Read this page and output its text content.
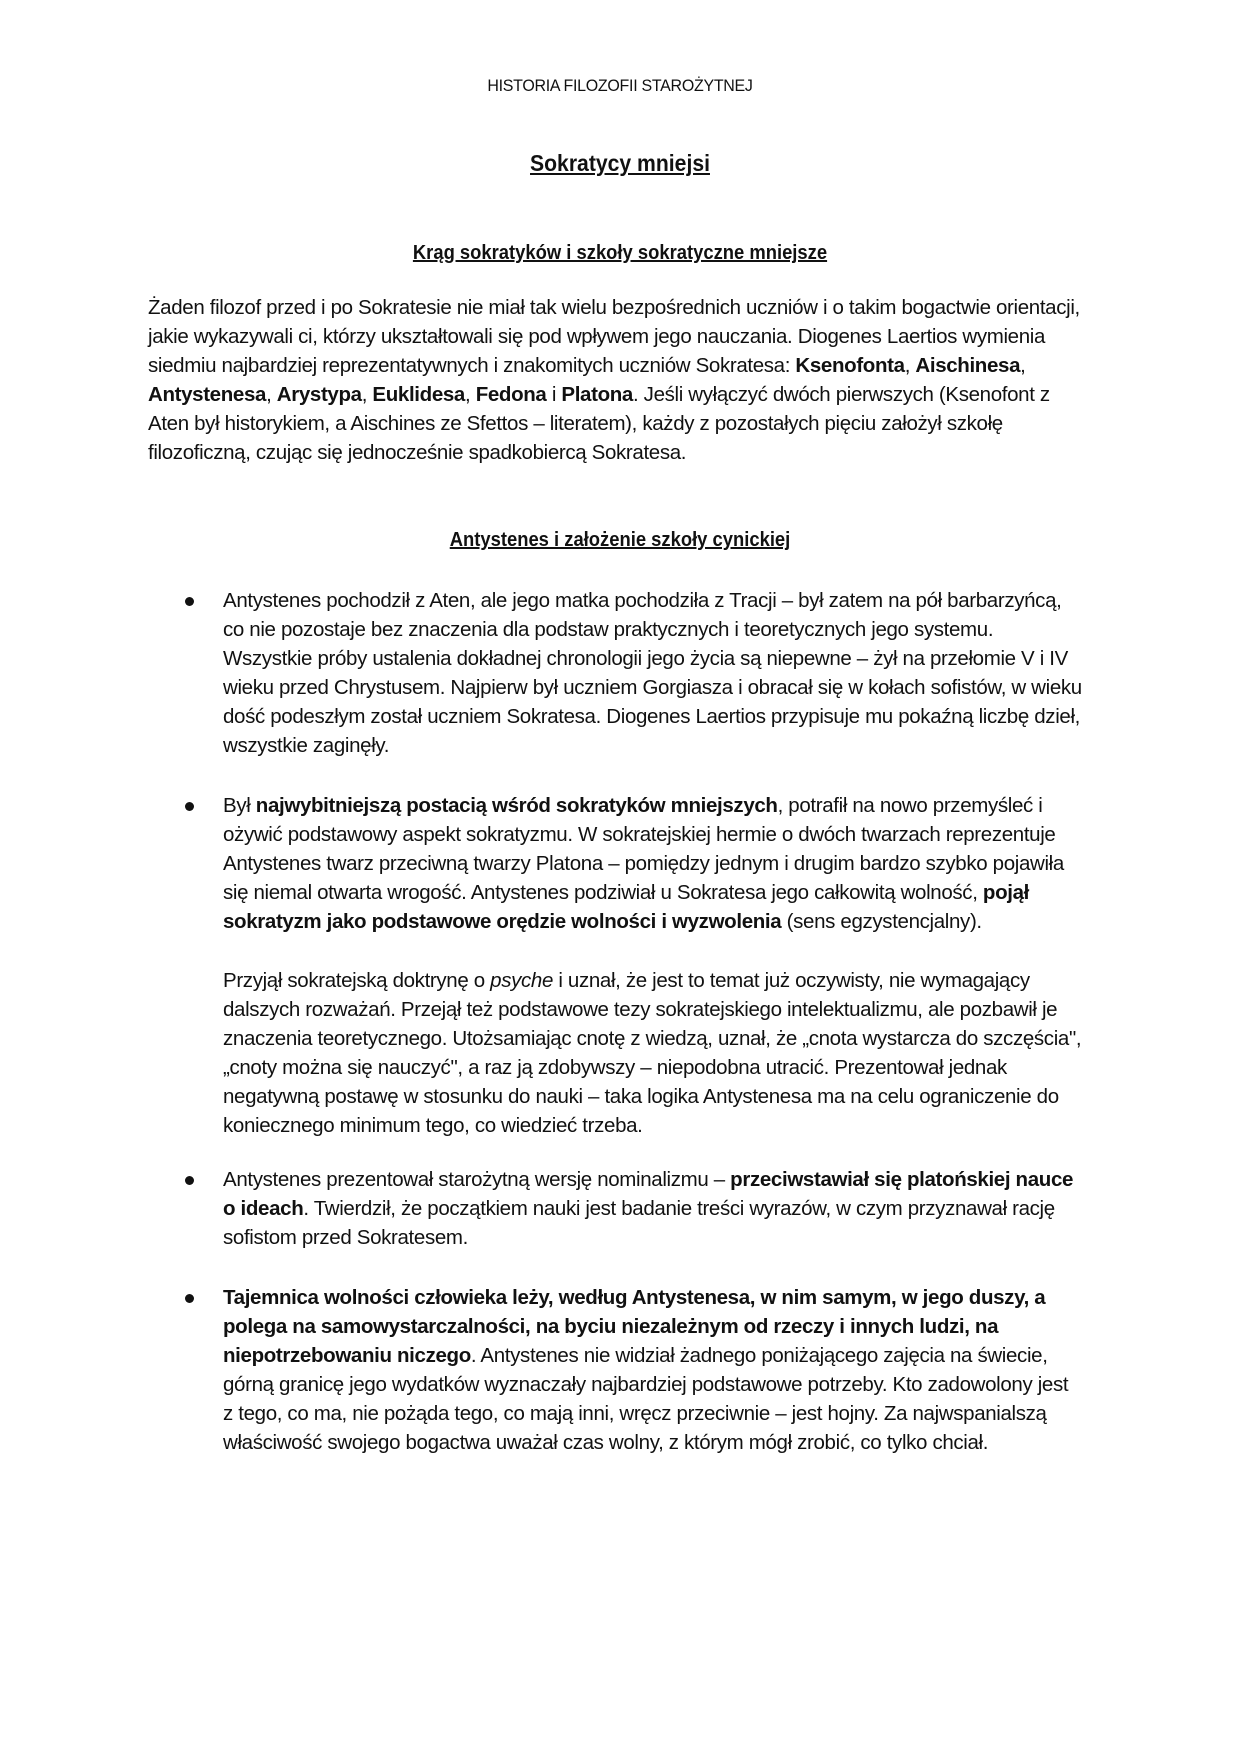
HISTORIA FILOZOFII STAROŻYTNEJ
Sokratycy mniejsi
Krąg sokratyków i szkoły sokratyczne mniejsze
Żaden filozof przed i po Sokratesie nie miał tak wielu bezpośrednich uczniów i o takim bogactwie orientacji, jakie wykazywali ci, którzy ukształtowali się pod wpływem jego nauczania. Diogenes Laertios wymienia siedmiu najbardziej reprezentatywnych i znakomitych uczniów Sokratesa: Ksenofonta, Aischinesa, Antystenesa, Arystypa, Euklidesa, Fedona i Platona. Jeśli wyłączyć dwóch pierwszych (Ksenofont z Aten był historykiem, a Aischines ze Sfettos – literatem), każdy z pozostałych pięciu założył szkołę filozoficzną, czując się jednocześnie spadkobiercą Sokratesa.
Antystenes i założenie szkoły cynickiej
Antystenes pochodził z Aten, ale jego matka pochodziła z Tracji – był zatem na pół barbarzyńcą, co nie pozostaje bez znaczenia dla podstaw praktycznych i teoretycznych jego systemu. Wszystkie próby ustalenia dokładnej chronologii jego życia są niepewne – żył na przełomie V i IV wieku przed Chrystusem. Najpierw był uczniem Gorgiasza i obracał się w kołach sofistów, w wieku dość podeszłym został uczniem Sokratesa. Diogenes Laertios przypisuje mu pokaźną liczbę dzieł, wszystkie zaginęły.
Był najwybitniejszą postacią wśród sokratyków mniejszych, potrafił na nowo przemyśleć i ożywić podstawowy aspekt sokratyzmu. W sokratejskiej hermie o dwóch twarzach reprezentuje Antystenes twarz przeciwną twarzy Platona – pomiędzy jednym i drugim bardzo szybko pojawiła się niemal otwarta wrogość. Antystenes podziwiał u Sokratesa jego całkowitą wolność, pojął sokratyzm jako podstawowe orędzie wolności i wyzwolenia (sens egzystencjalny).
Przyjął sokratejską doktrynę o psyche i uznał, że jest to temat już oczywisty, nie wymagający dalszych rozważań. Przejął też podstawowe tezy sokratejskiego intelektualizmu, ale pozbawił je znaczenia teoretycznego. Utożsamiając cnotę z wiedzą, uznał, że „cnota wystarcza do szczęścia", „cnoty można się nauczyć", a raz ją zdobywszy – niepodobna utracić. Prezentował jednak negatywną postawę w stosunku do nauki – taka logika Antystenesa ma na celu ograniczenie do koniecznego minimum tego, co wiedzieć trzeba.
Antystenes prezentował starożytną wersję nominalizmu – przeciwstawiał się platońskiej nauce o ideach. Twierdził, że początkiem nauki jest badanie treści wyrazów, w czym przyznawał rację sofistom przed Sokratesem.
Tajemnica wolności człowieka leży, według Antystenesa, w nim samym, w jego duszy, a polega na samowystarczalności, na byciu niezależnym od rzeczy i innych ludzi, na niepotrzebowaniu niczego. Antystenes nie widział żadnego poniżającego zajęcia na świecie, górną granicę jego wydatków wyznaczały najbardziej podstawowe potrzeby. Kto zadowolony jest z tego, co ma, nie pożąda tego, co mają inni, wręcz przeciwnie – jest hojny. Za najwspanialszą właściwość swojego bogactwa uważał czas wolny, z którym mógł zrobić, co tylko chciał.
